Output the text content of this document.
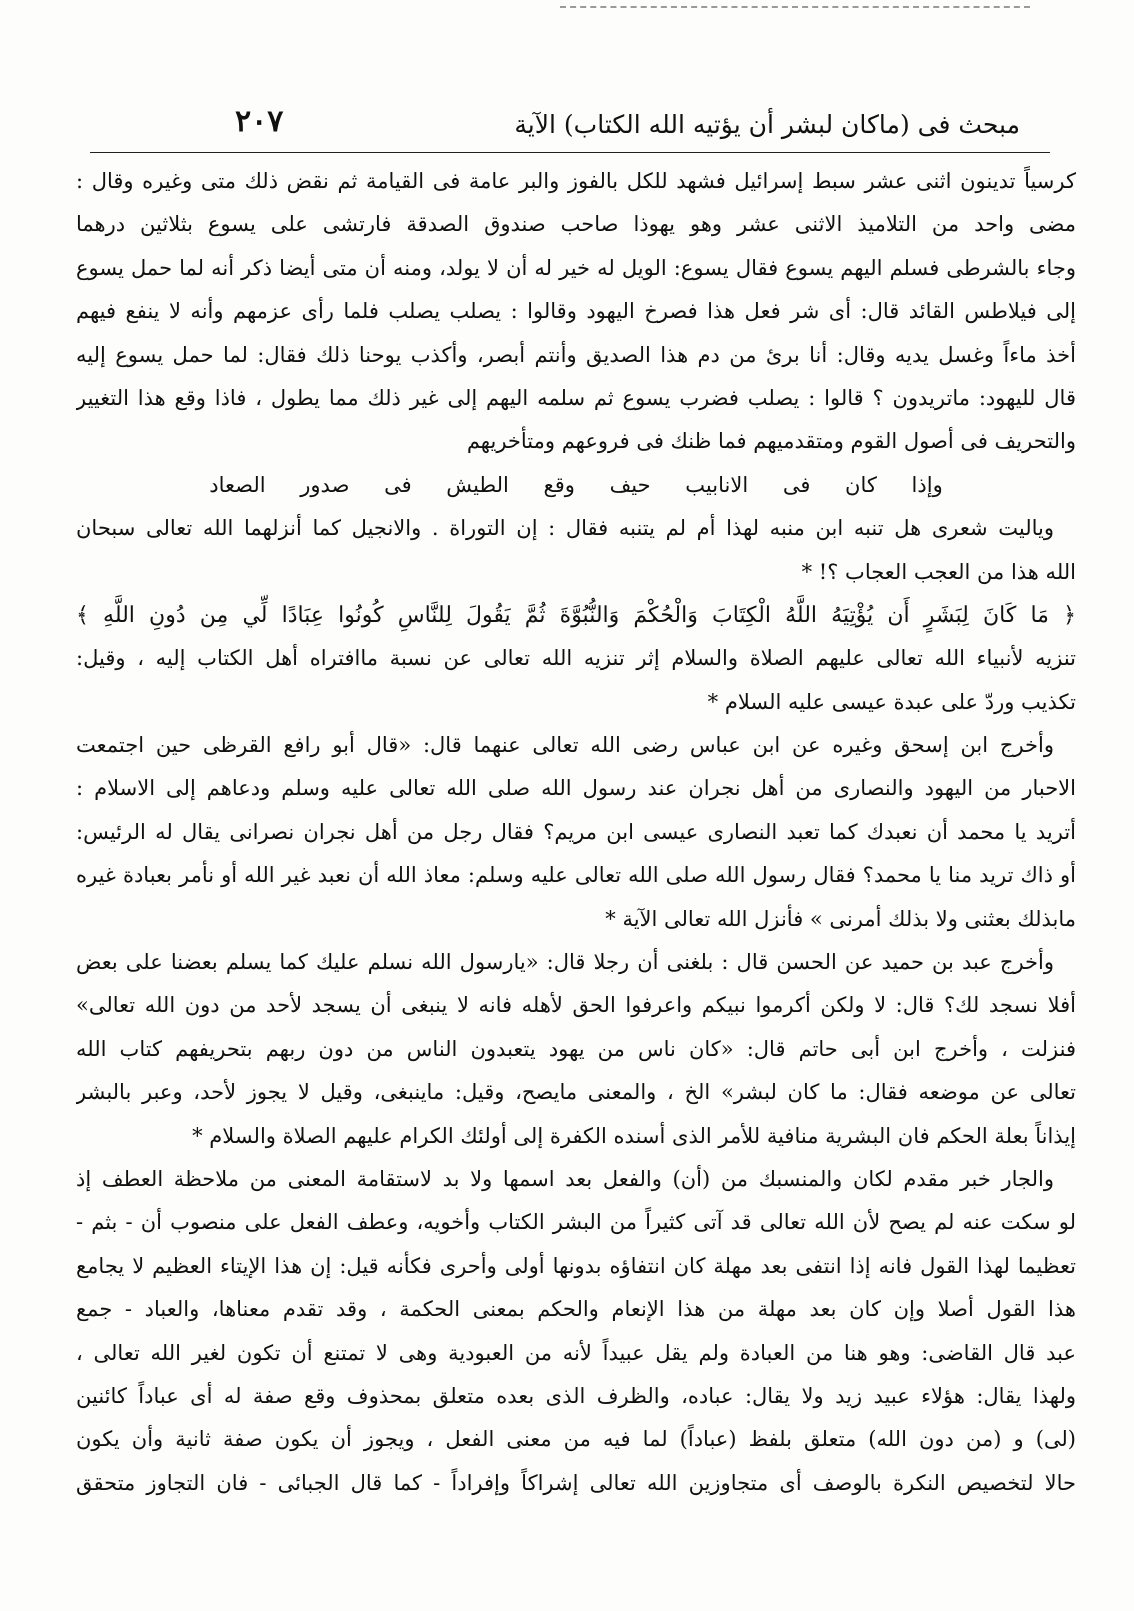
٢٠٧	مبحث فى (ماكان لبشر أن يؤتيه الله الكتاب) الآية
كرسياً تدينون اثنى عشر سبط إسرائيل فشهد للكل بالفوز والبر عامة فى القيامة ثم نقض ذلك متى وغيره وقال :
مضى واحد من التلاميذ الاثنى عشر وهو يهوذا صاحب صندوق الصدقة فارتشى على يسوع بثلاثين درهما
وجاء بالشرطى فسلم اليهم يسوع فقال يسوع: الويل له خير له أن لا يولد، ومنه أن متى أيضا ذكر أنه لما حمل يسوع
إلى فيلاطس القائد قال: أى شر فعل هذا فصرخ اليهود وقالوا : يصلب يصلب فلما رأى عزمهم وأنه لا ينفع فيهم
أخذ ماءاً وغسل يديه وقال: أنا برئ من دم هذا الصديق وأنتم أبصر، وأكذب يوحنا ذلك فقال: لما حمل يسوع إليه
قال لليهود: ماتريدون ؟ قالوا : يصلب فضرب يسوع ثم سلمه اليهم إلى غير ذلك مما يطول ، فاذا وقع هذا التغيير
والتحريف فى أصول القوم ومتقدميهم فما ظنك فى فروعهم ومتأخريهم
وإذا كان فى الانابيب حيف وقع الطيش فى صدور الصعاد
وياليت شعرى هل تنبه ابن منبه لهذا أم لم يتنبه فقال : إن التوراة . والانجيل كما أنزلهما الله تعالى سبحان
الله هذا من العجب العجاب ؟! *
﴿ مَا كَانَ لِبَشَرٍ أَن يُؤْتِيَهُ اللَّهُ الْكِتَابَ وَالْحُكْمَ وَالنُّبُوَّةَ ثُمَّ يَقُولَ لِلنَّاسِ كُونُوا عِبَادًا لِّي مِن دُونِ اللَّهِ ﴾
تنزيه لأنبياء الله تعالى عليهم الصلاة والسلام إثر تنزيه الله تعالى عن نسبة ماافتراه أهل الكتاب إليه ، وقيل:
تكذيب وردّ على عبدة عيسى عليه السلام *
وأخرج ابن إسحق وغيره عن ابن عباس رضى الله تعالى عنهما قال: «قال أبو رافع القرظى حين اجتمعت
الاحبار من اليهود والنصارى من أهل نجران عند رسول الله صلى الله تعالى عليه وسلم ودعاهم إلى الاسلام :
أتريد يا محمد أن نعبدك كما تعبد النصارى عيسى ابن مريم؟ فقال رجل من أهل نجران نصرانى يقال له الرئيس:
أو ذاك تريد منا يا محمد؟ فقال رسول الله صلى الله تعالى عليه وسلم: معاذ الله أن نعبد غير الله أو نأمر بعبادة غيره
مابذلك بعثنى ولا بذلك أمرنى » فأنزل الله تعالى الآية *
وأخرج عبد بن حميد عن الحسن قال : بلغنى أن رجلا قال: «يارسول الله نسلم عليك كما يسلم بعضنا على بعض
أفلا نسجد لك؟ قال: لا ولكن أكرموا نبيكم واعرفوا الحق لأهله فانه لا ينبغى أن يسجد لأحد من دون الله تعالى»
فنزلت ، وأخرج ابن أبى حاتم قال: «كان ناس من يهود يتعبدون الناس من دون ربهم بتحريفهم كتاب الله
تعالى عن موضعه فقال: ما كان لبشر» الخ ، والمعنى مايصح، وقيل: ماينبغى، وقيل لا يجوز لأحد، وعبر بالبشر
إيذاناً بعلة الحكم فان البشرية منافية للأمر الذى أسنده الكفرة إلى أولئك الكرام عليهم الصلاة والسلام *
والجار خبر مقدم لكان والمنسبك من (أن) والفعل بعد اسمها ولا بد لاستقامة المعنى من ملاحظة العطف إذ
لو سكت عنه لم يصح لأن الله تعالى قد آتى كثيراً من البشر الكتاب وأخويه، وعطف الفعل على منصوب أن - بثم -
تعظيما لهذا القول فانه إذا انتفى بعد مهلة كان انتفاؤه بدونها أولى وأحرى فكأنه قيل: إن هذا الإيتاء العظيم لا يجامع
هذا القول أصلا وإن كان بعد مهلة من هذا الإنعام والحكم بمعنى الحكمة ، وقد تقدم معناها، والعباد - جمع
عبد قال القاضى: وهو هنا من العبادة ولم يقل عبيداً لأنه من العبودية وهى لا تمتنع أن تكون لغير الله تعالى ،
ولهذا يقال: هؤلاء عبيد زيد ولا يقال: عباده، والظرف الذى بعده متعلق بمحذوف وقع صفة له أى عباداً كائنين
(لى) و (من دون الله) متعلق بلفظ (عباداً) لما فيه من معنى الفعل ، ويجوز أن يكون صفة ثانية وأن يكون
حالا لتخصيص النكرة بالوصف أى متجاوزين الله تعالى إشراكاً وإفراداً - كما قال الجبائى - فان التجاوز متحقق
